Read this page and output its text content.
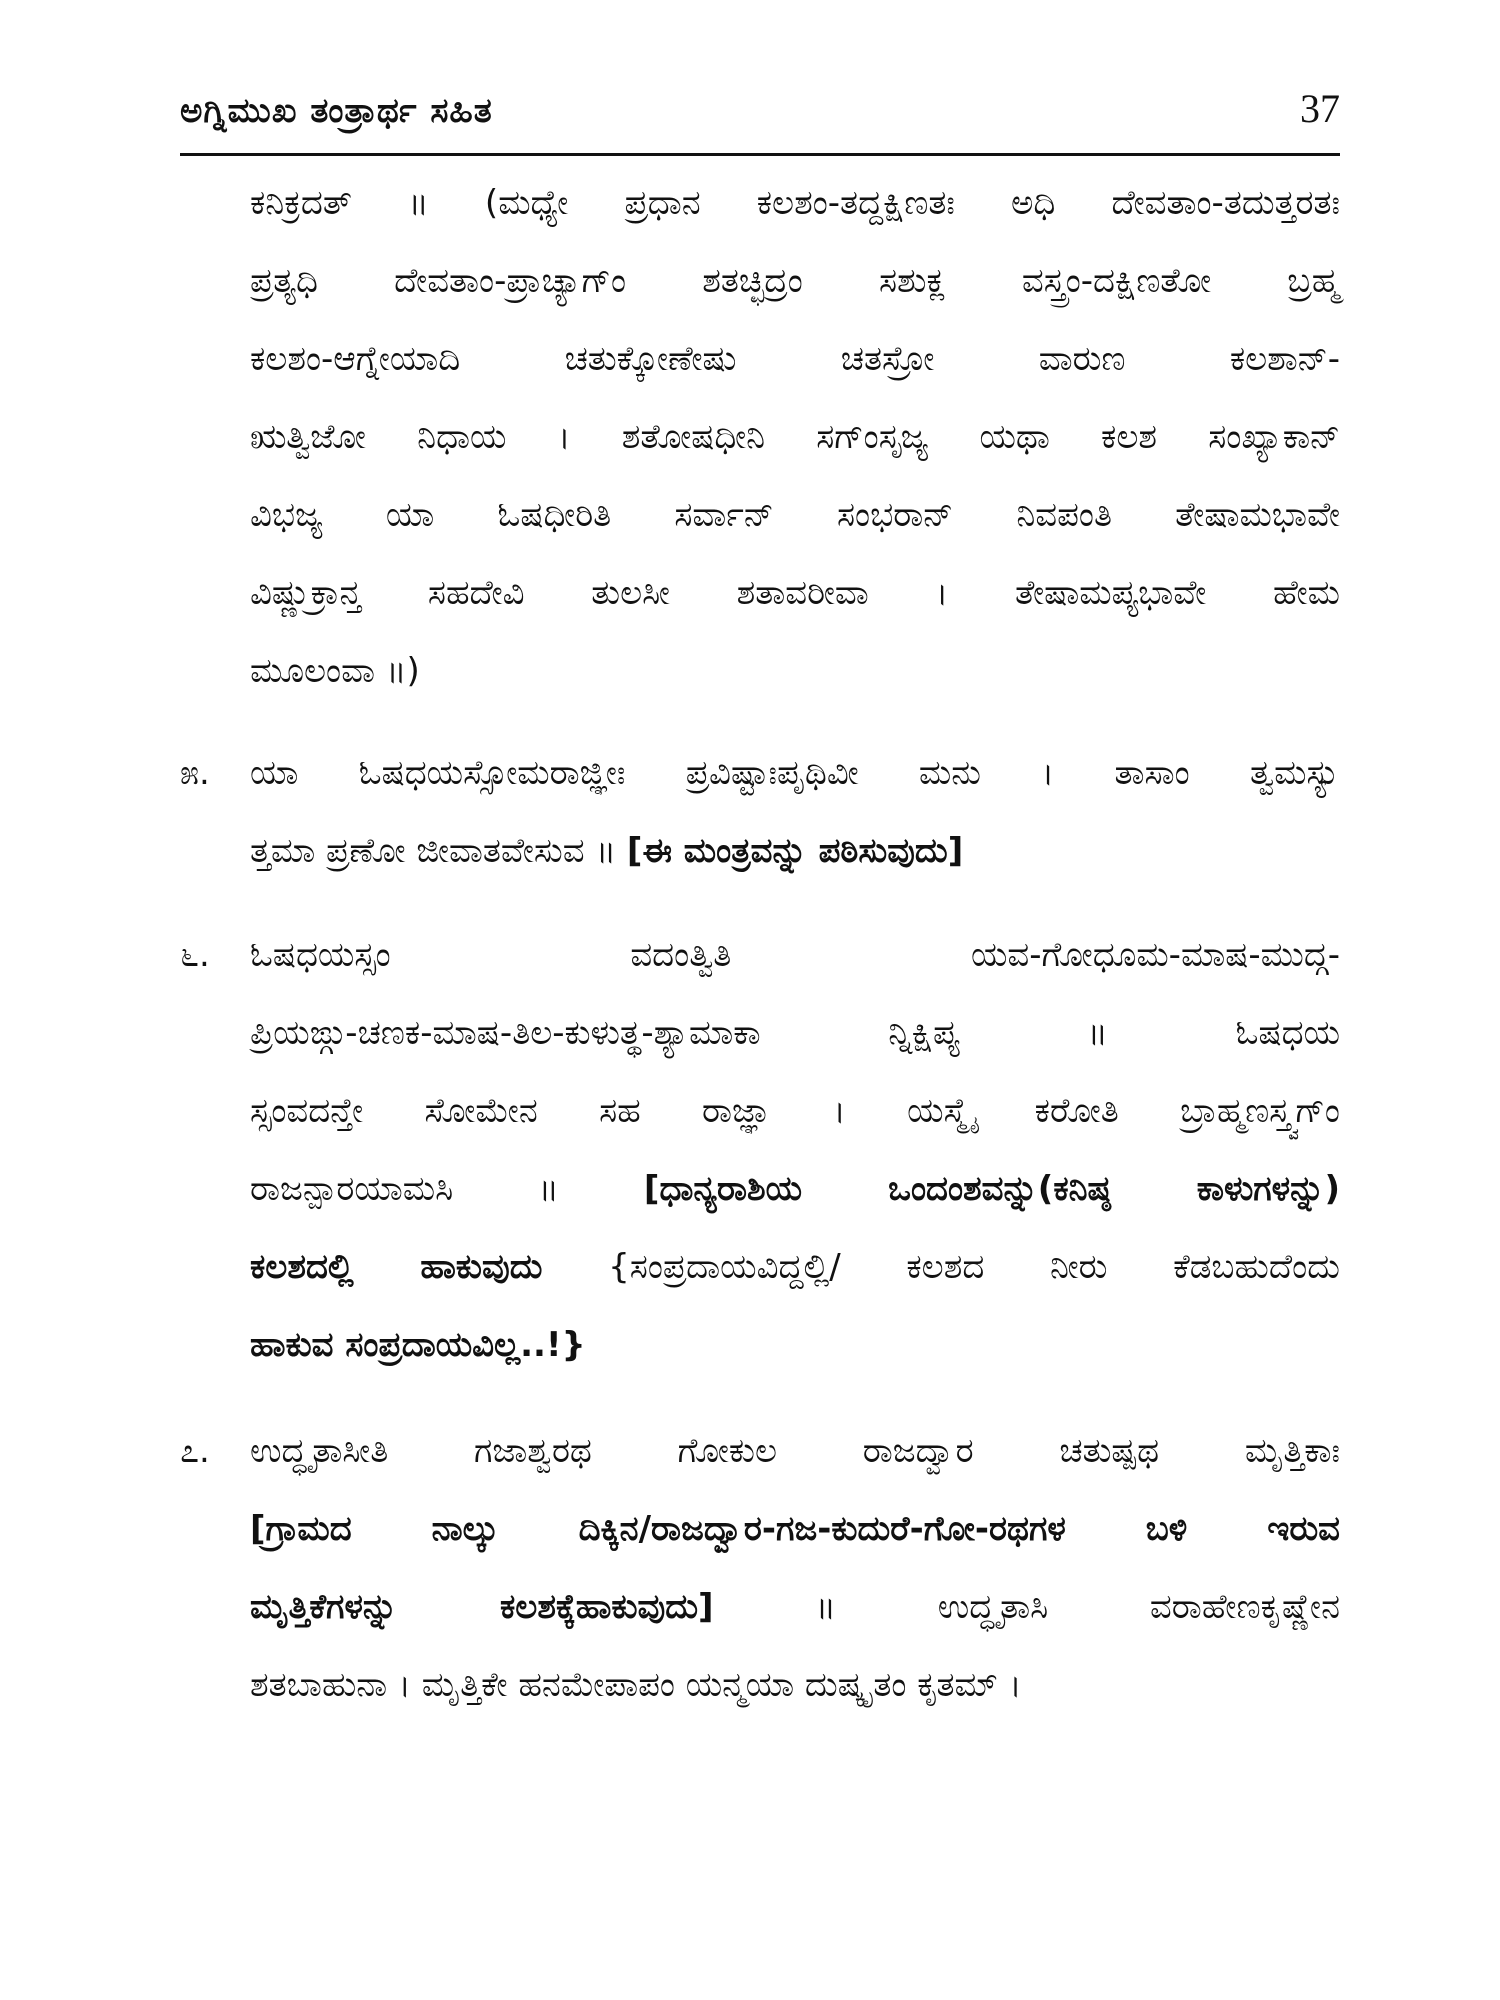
ಅಗ್ನಿಮುಖ ತಂತ್ರಾರ್ಥ ಸಹಿತ	37
ಕನಿಕ್ರದತ್ ॥ (ಮಧ್ಯೇ ಪ್ರಧಾನ ಕಲಶಂ-ತದ್ದಕ್ಷಿಣತಃ ಅಧಿ ದೇವತಾಂ-ತದುತ್ತರತಃ
ಪ್ರತ್ಯಧಿ ದೇವತಾಂ-ಪ್ರಾಚ್ಯಾಗ್ಂ ಶತಚ್ಛಿದ್ರಂ ಸಶುಕ್ಲ ವಸ್ತ್ರಂ-ದಕ್ಷಿಣತೋ ಬ್ರಹ್ಮ
ಕಲಶಂ-ಆಗ್ನೇಯಾದಿ ಚತುಕ್ಕೋಣೇಷು ಚತಸ್ರೋ ವಾರುಣ ಕಲಶಾನ್-
ಋತ್ವಿಜೋ ನಿಧಾಯ । ಶತೋಷಧೀನಿ ಸಗ್ಂಸೃಜ್ಯ ಯಥಾ ಕಲಶ ಸಂಖ್ಯಾಕಾನ್
ವಿಭಜ್ಯ ಯಾ ಓಷಧೀರಿತಿ ಸರ್ವಾನ್ ಸಂಭರಾನ್ ನಿವಪಂತಿ ತೇಷಾಮಭಾವೇ
ವಿಷ್ಣುಕ್ರಾನ್ತ ಸಹದೇವಿ ತುಲಸೀ ಶತಾವರೀವಾ । ತೇಷಾಮಪ್ಯಭಾವೇ ಹೇಮ
ಮೂಲಂವಾ ॥)
೫.	ಯಾ ಓಷಧಯಸ್ಸೋಮರಾಜ್ಞೀಃ ಪ್ರವಿಷ್ಟಾಃಪೃಥಿವೀ ಮನು । ತಾಸಾಂ ತ್ವಮಸ್ಯು
ತ್ತಮಾ ಪ್ರಣೋ ಜೀವಾತವೇಸುವ ॥ [ಈ ಮಂತ್ರವನ್ನು ಪಠಿಸುವುದು]
೬.	ಓಷಧಯಸ್ಸಂ ವದಂತ್ವಿತಿ ಯವ-ಗೋಧೂಮ-ಮಾಷ-ಮುದ್ಗ-
ಪ್ರಿಯಙ್ಗು-ಚಣಕ-ಮಾಷ-ತಿಲ-ಕುಳುತ್ಥ-ಶ್ಯಾಮಾಕಾ ನ್ನಿಕ್ಷಿಪ್ಯ ॥ ಓಷಧಯ
ಸ್ಸಂವದನ್ತೇ ಸೋಮೇನ ಸಹ ರಾಜ್ಞಾ । ಯಸ್ಮೈ ಕರೋತಿ ಬ್ರಾಹ್ಮಣಸ್ತ್ವಗ್ಂ
ರಾಜನ್ಪಾರಯಾಮಸಿ ॥ [ಧಾನ್ಯರಾಶಿಯ ಒಂದಂಶವನ್ನು(ಕನಿಷ್ಠ ಕಾಳುಗಳನ್ನು)
ಕಲಶದಲ್ಲಿ ಹಾಕುವುದು {ಸಂಪ್ರದಾಯವಿದ್ದಲ್ಲಿ/ ಕಲಶದ ನೀರು ಕೆಡಬಹುದೆಂದು
ಹಾಕುವ ಸಂಪ್ರದಾಯವಿಲ್ಲ..!}
೭.	ಉದ್ಧೃತಾಸೀತಿ ಗಜಾಶ್ವರಥ ಗೋಕುಲ ರಾಜದ್ವಾರ ಚತುಷ್ಪಥ ಮೃತ್ತಿಕಾಃ
[ಗ್ರಾಮದ ನಾಲ್ಕು ದಿಕ್ಕಿನ/ರಾಜದ್ವಾರ-ಗಜ-ಕುದುರೆ-ಗೋ-ರಥಗಳ ಬಳಿ ಇರುವ
ಮೃತ್ತಿಕೆಗಳನ್ನು ಕಲಶಕ್ಕೆಹಾಕುವುದು] ॥ ಉದ್ಧೃತಾಸಿ ವರಾಹೇಣಕೃಷ್ಣೇನ
ಶತಬಾಹುನಾ । ಮೃತ್ತಿಕೇ ಹನಮೇಪಾಪಂ ಯನ್ಮಯಾ ದುಷ್ಕೃತಂ ಕೃತಮ್ ।
